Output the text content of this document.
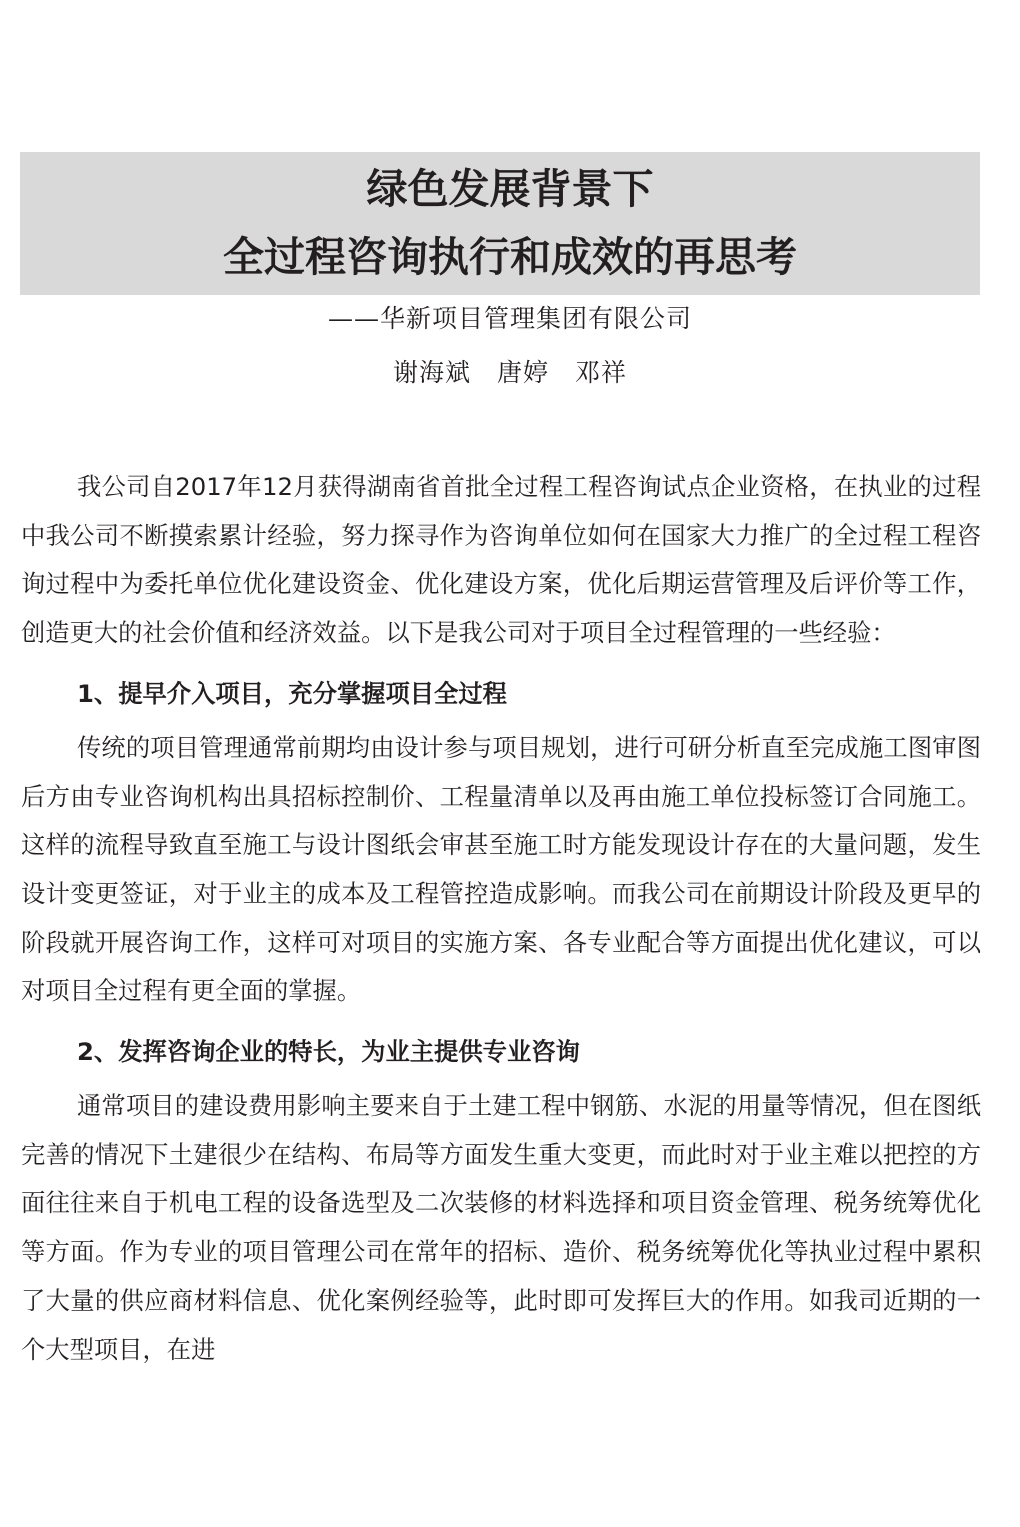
绿色发展背景下
全过程咨询执行和成效的再思考
——华新项目管理集团有限公司
谢海斌　唐婷　邓祥

我公司自2017年12月获得湖南省首批全过程工程咨询试点企业资格，在执业的过程中我公司不断摸索累计经验，努力探寻作为咨询单位如何在国家大力推广的全过程工程咨询过程中为委托单位优化建设资金、优化建设方案，优化后期运营管理及后评价等工作，创造更大的社会价值和经济效益。以下是我公司对于项目全过程管理的一些经验：

1、提早介入项目，充分掌握项目全过程

传统的项目管理通常前期均由设计参与项目规划，进行可研分析直至完成施工图审图后方由专业咨询机构出具招标控制价、工程量清单以及再由施工单位投标签订合同施工。这样的流程导致直至施工与设计图纸会审甚至施工时方能发现设计存在的大量问题，发生设计变更签证，对于业主的成本及工程管控造成影响。而我公司在前期设计阶段及更早的阶段就开展咨询工作，这样可对项目的实施方案、各专业配合等方面提出优化建议，可以对项目全过程有更全面的掌握。

2、发挥咨询企业的特长，为业主提供专业咨询

通常项目的建设费用影响主要来自于土建工程中钢筋、水泥的用量等情况，但在图纸完善的情况下土建很少在结构、布局等方面发生重大变更，而此时对于业主难以把控的方面往往来自于机电工程的设备选型及二次装修的材料选择和项目资金管理、税务统筹优化等方面。作为专业的项目管理公司在常年的招标、造价、税务统筹优化等执业过程中累积了大量的供应商材料信息、优化案例经验等，此时即可发挥巨大的作用。如我司近期的一个大型项目，在进
